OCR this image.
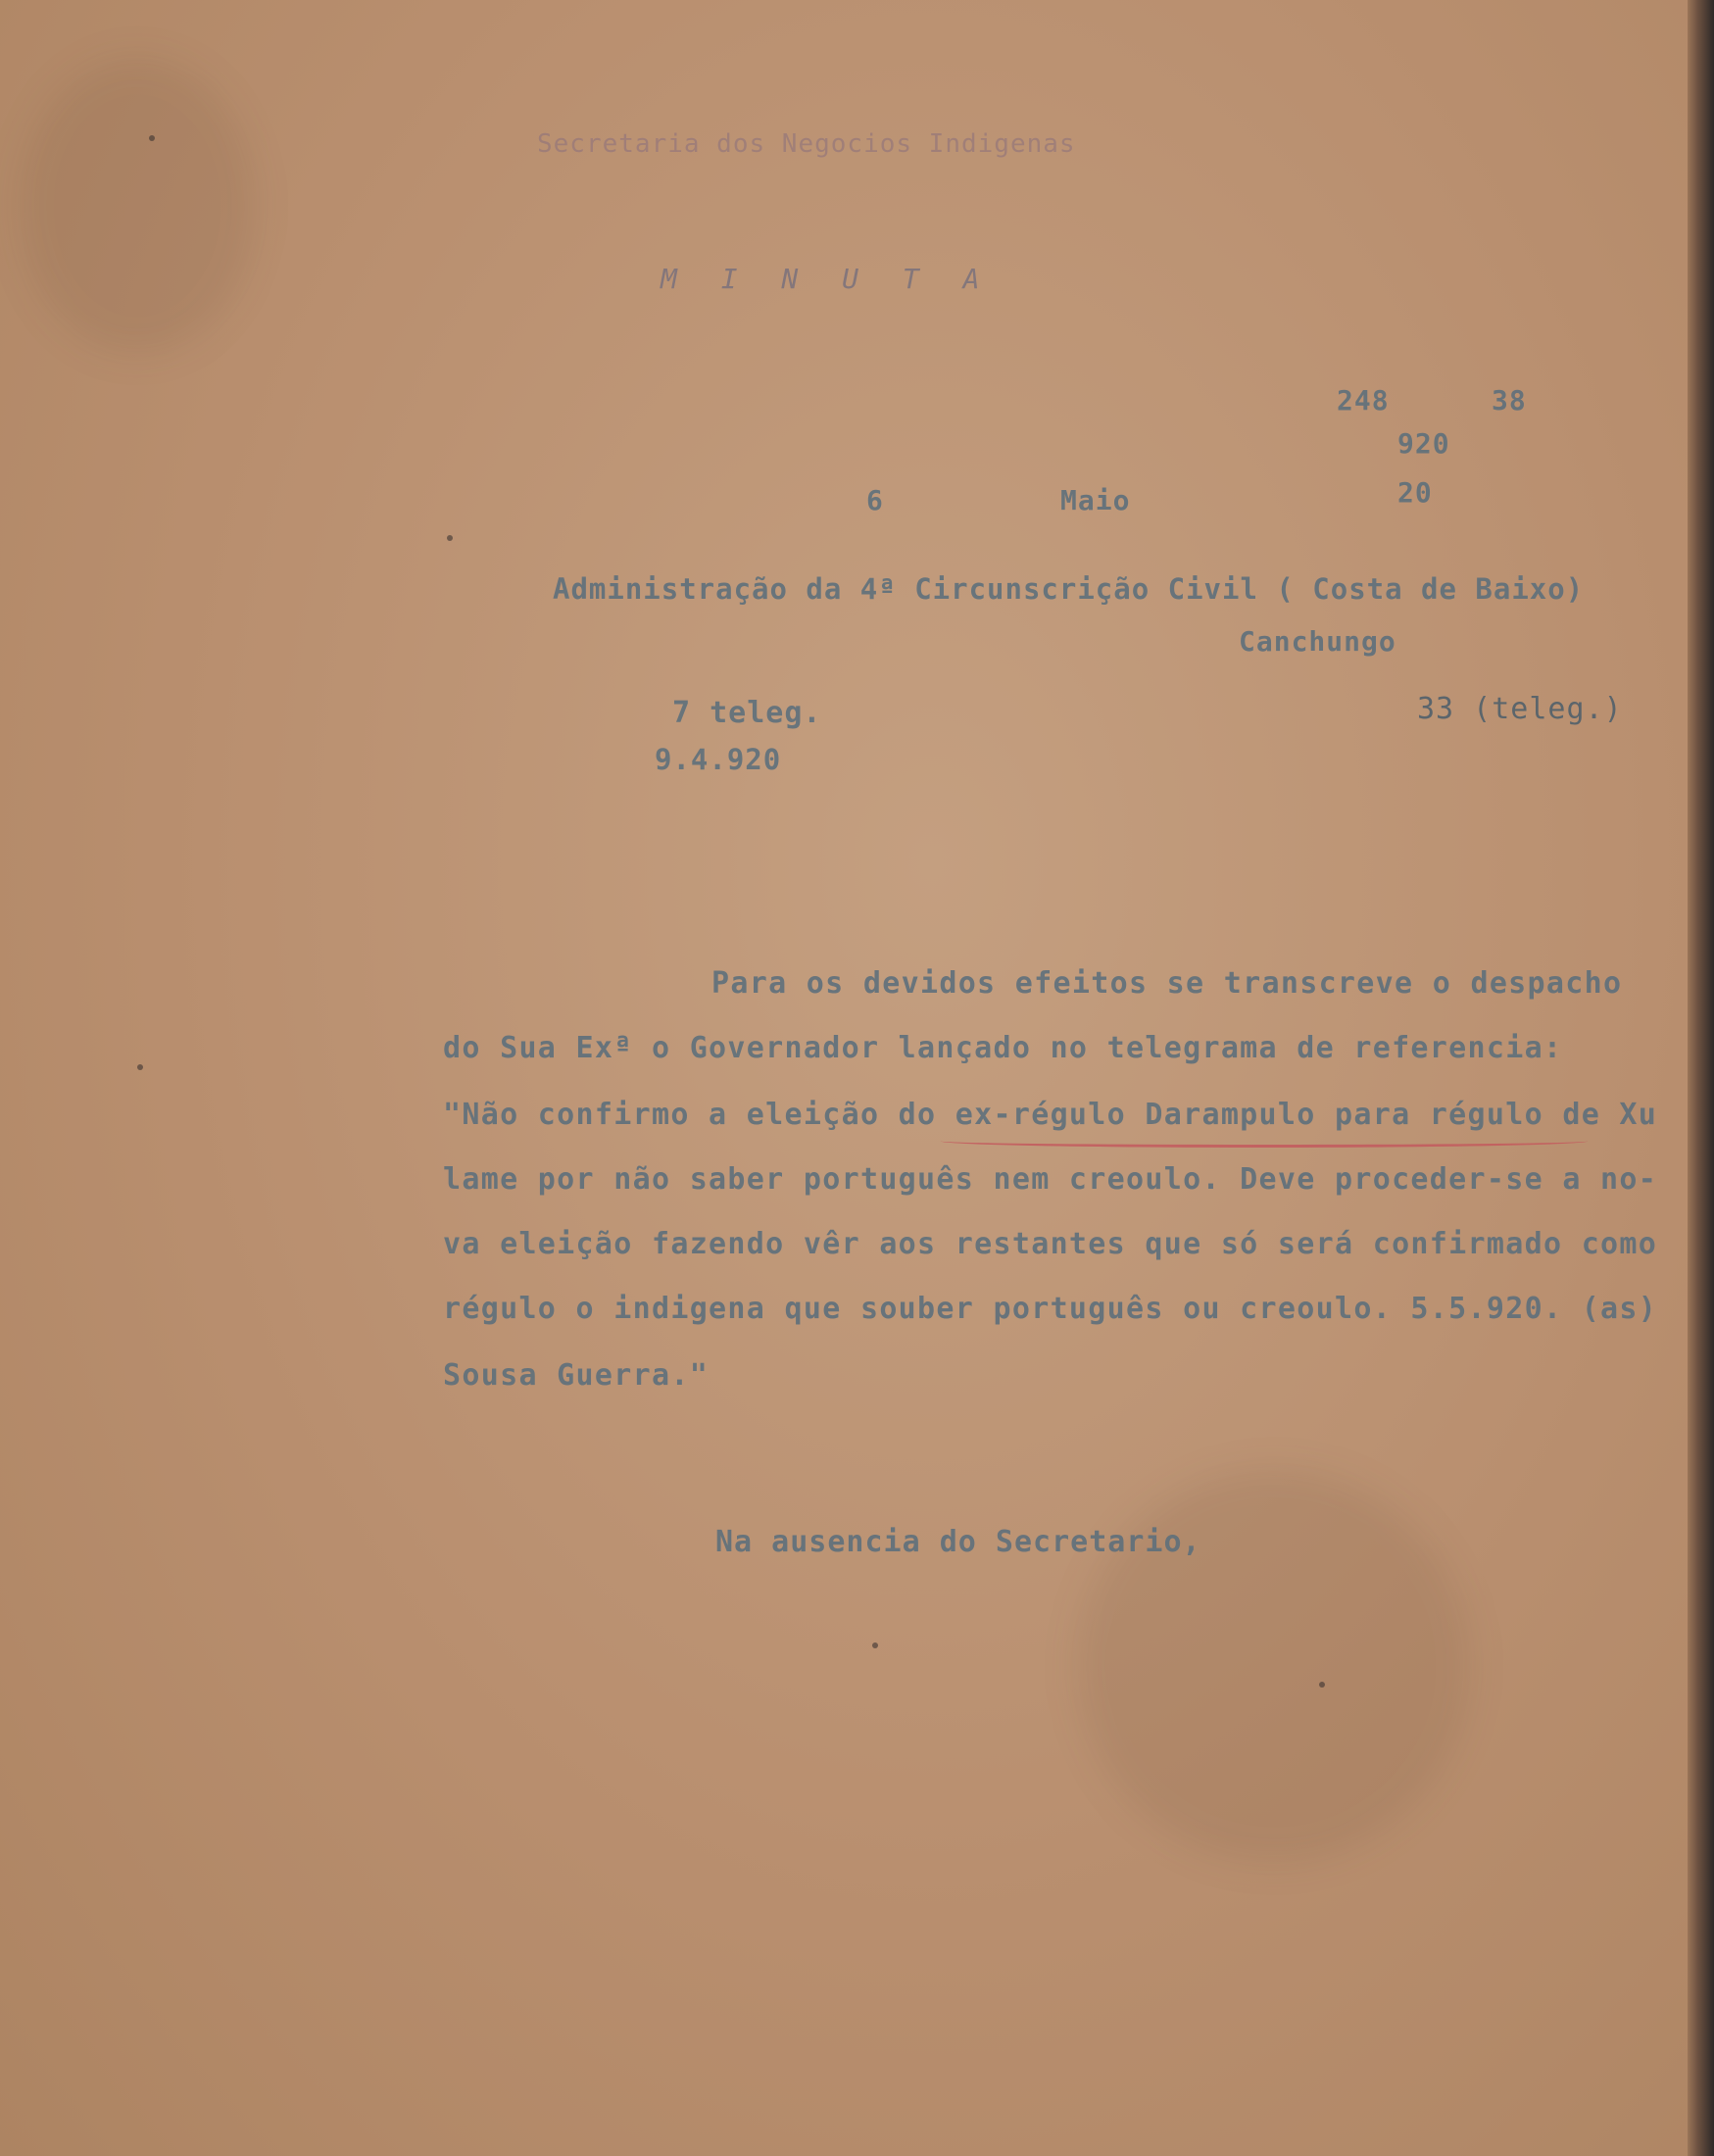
Secretaria dos Negocios Indigenas

M I N U T A

248	38

920

6	Maio	20

Administração da 4ª Circunscrição Civil ( Costa de Baixo)

Canchungo

7 teleg.

9.4.920

33 (teleg.)

Para os devidos efeitos se transcreve o despacho

do Sua Exª o Governador lançado no telegrama de referencia:

"Não confirmo a eleição do ex-régulo Darampulo para régulo de Xu

lame por não saber português nem creoulo. Deve proceder-se a no-

va eleição fazendo vêr aos restantes que só será confirmado como

régulo o indigena que souber português ou creoulo. 5.5.920. (as)

Sousa Guerra."

Na ausencia do Secretario,
